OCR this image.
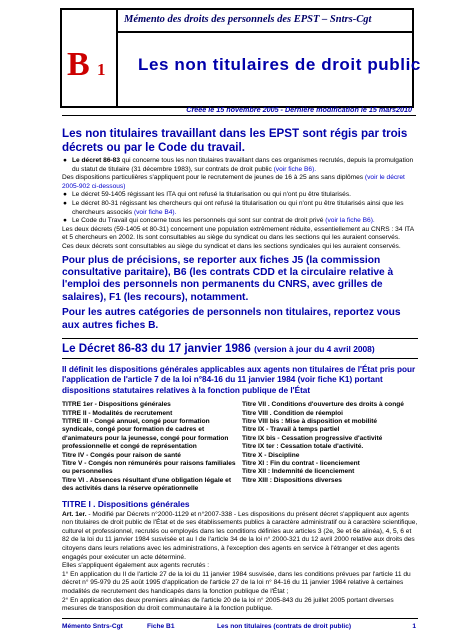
B 1
Mémento des droits des personnels des EPST – Sntrs-Cgt
Les non titulaires de droit public
Créée le 15 novembre 2005 - Dernière modification le 15 mars2010
Les non titulaires travaillant dans les EPST sont régis par trois décrets ou par le Code du travail.
● Le décret 86-83 qui concerne tous les non titulaires travaillant dans ces organismes recrutés, depuis la promulgation du statut de titulaire (31 décembre 1983), sur contrats de droit public (voir fiche B6).
Des dispositions particulières s'appliquent pour le recrutement de jeunes de 16 à 25 ans sans diplômes (voir le décret 2005-902 ci-dessous)
● Le décret 59-1405 régissant les ITA qui ont refusé la titularisation ou qui n'ont pu être titularisés.
● Le décret 80-31 régissant les chercheurs qui ont refusé la titularisation ou qui n'ont pu être titularisés ainsi que les chercheurs associés (voir fiche B4).
● Le Code du Travail qui concerne tous les personnels qui sont sur contrat de droit privé (voir la fiche B6).
Les deux décrets (59-1405 et 80-31) concernent une population extrêmement réduite, essentiellement au CNRS : 34 ITA et 5 chercheurs en 2002. Ils sont consultables au siège du syndicat ou dans les sections qui les auraient conservés.
Ces deux décrets sont consultables au siège du syndicat et dans les sections syndicales qui les auraient conservés.
Pour plus de précisions, se reporter aux fiches J5 (la commission consultative paritaire), B6 (les contrats CDD et la circulaire relative à l'emploi des personnels non permanents du CNRS, avec grilles de salaires), F1 (les recours), notamment.
Pour les autres catégories de personnels non titulaires, reportez vous aux autres fiches B.
Le Décret 86-83 du 17 janvier 1986 (version à jour du 4 avril 2008)
Il définit les dispositions générales applicables aux agents non titulaires de l'État pris pour l'application de l'article 7 de la loi n°84-16 du 11 janvier 1984 (voir fiche K1) portant dispositions statutaires relatives à la fonction publique de l'État
TITRE 1er - Dispositions générales
TITRE II - Modalités de recrutement
TITRE III - Congé annuel, congé pour formation syndicale, congé pour formation de cadres et d'animateurs pour la jeunesse, congé pour formation professionnelle et congé de représentation
Titre IV - Congés pour raison de santé
Titre V - Congés non rémunérés pour raisons familiales ou personnelles
Titre VI . Absences résultant d'une obligation légale et des activités dans la réserve opérationnelle
Titre VII . Conditions d'ouverture des droits à congé
Titre VIII . Condition de réemploi
Titre VIII bis : Mise à disposition et mobilité
Titre IX - Travail à temps partiel
Titre IX bis - Cessation progressive d'activité
Titre IX ter : Cessation totale d'activité.
Titre X - Discipline
Titre XI : Fin du contrat - licenciement
Titre XII : Indemnité de licenciement
Titre XIII : Dispositions diverses
TITRE I . Dispositions générales
Art. 1er. - Modifié par Décrets n°2000-1129 et n°2007-338 - Les dispositions du présent décret s'appliquent aux agents non titulaires de droit public de l'État et de ses établissements publics à caractère administratif ou à caractère scientifique, culturel et professionnel, recrutés ou employés dans les conditions définies aux articles 3 (2e, 3e et 6e alinéa), 4, 5, 6 et 82 de la loi du 11 janvier 1984 susvisée et au I de l'article 34 de la loi n° 2000-321 du 12 avril 2000 relative aux droits des citoyens dans leurs relations avec les administrations, à l'exception des agents en service à l'étranger et des agents engagés pour exécuter un acte déterminé.
Elles s'appliquent également aux agents recrutés :
1° En application du II de l'article 27 de la loi du 11 janvier 1984 susvisée, dans les conditions prévues par l'article 11 du décret n° 95-979 du 25 août 1995 d'application de l'article 27 de la loi n° 84-16 du 11 janvier 1984 relative à certaines modalités de recrutement des handicapés dans la fonction publique de l'État ;
2° En application des deux premiers alinéas de l'article 20 de la loi n° 2005-843 du 26 juillet 2005 portant diverses mesures de transposition du droit communautaire à la fonction publique.
Mémento Sntrs-Cgt	Fiche B1	Les non titulaires (contrats de droit public)	1
